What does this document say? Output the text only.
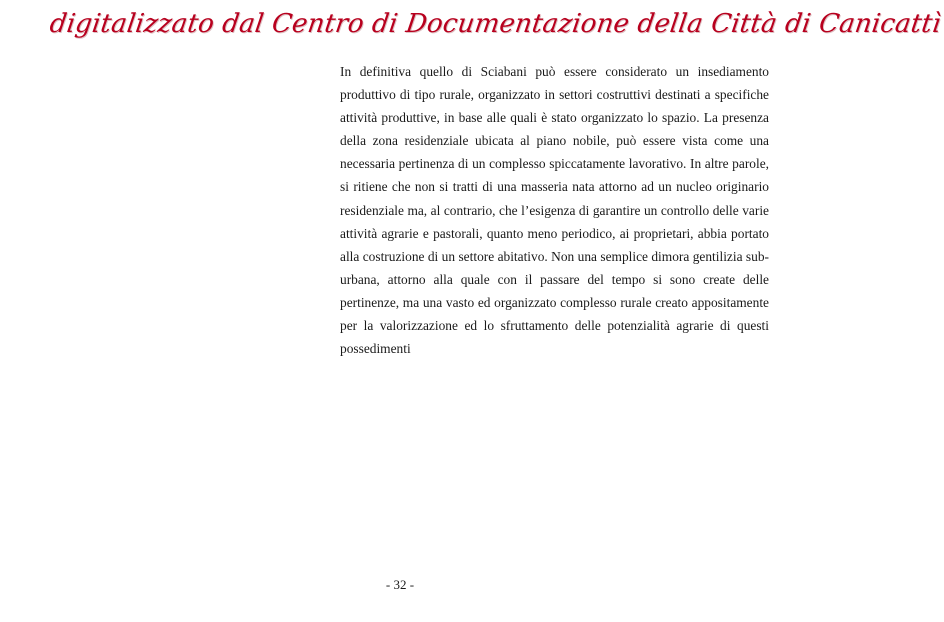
digitalizzato dal Centro di Documentazione della Città di Canicattì

In definitiva quello di Sciabani può essere considerato un insediamento produttivo di tipo rurale, organizzato in settori costruttivi destinati a specifiche attività produttive, in base alle quali è stato organizzato lo spazio. La presenza della zona residenziale ubicata al piano nobile, può essere vista come una necessaria pertinenza di un complesso spiccatamente lavorativo. In altre parole, si ritiene che non si tratti di una masseria nata attorno ad un nucleo originario residenziale ma, al contrario, che l’esigenza di garantire un controllo delle varie attività agrarie e pastorali, quanto meno periodico, ai proprietari, abbia portato alla costruzione di un settore abitativo. Non una semplice dimora gentilizia sub-urbana, attorno alla quale con il passare del tempo si sono create delle pertinenze, ma una vasto ed organizzato complesso rurale creato appositamente per la valorizzazione ed lo sfruttamento delle potenzialità agrarie di questi possedimenti

- 32 -
